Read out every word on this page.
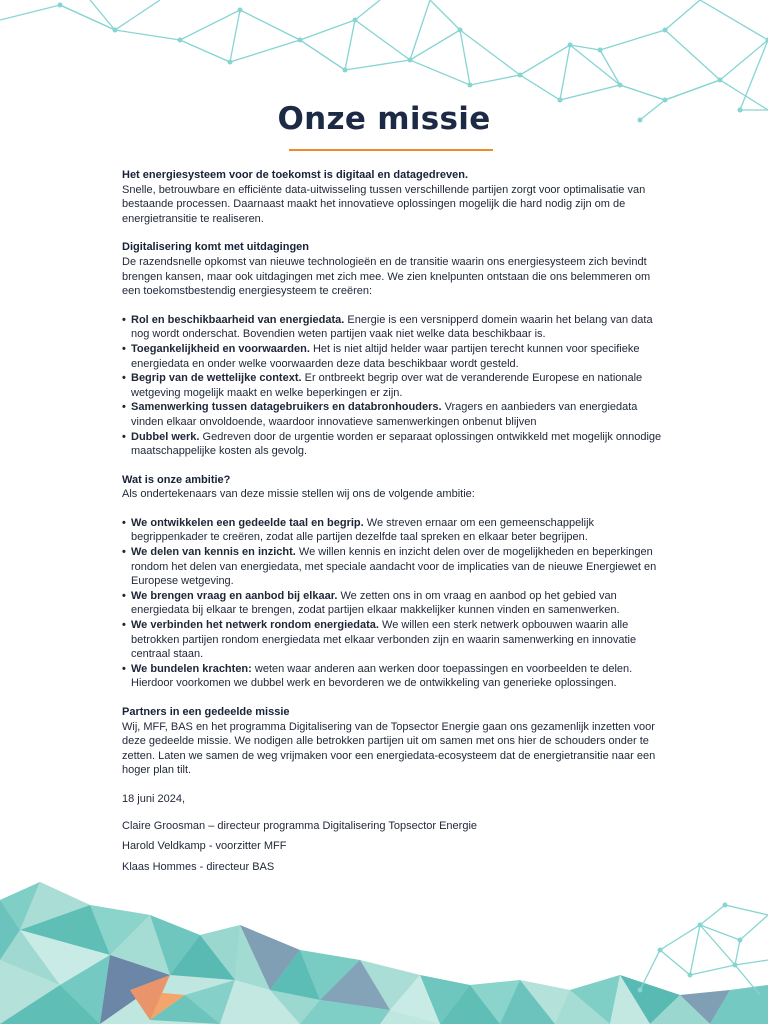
Onze missie
Het energiesysteem voor de toekomst is digitaal en datagedreven.

Snelle, betrouwbare en efficiënte data-uitwisseling tussen verschillende partijen zorgt voor optimalisatie van bestaande processen. Daarnaast maakt het innovatieve oplossingen mogelijk die hard nodig zijn om de energietransitie te realiseren.

Digitalisering komt met uitdagingen

De razendsnelle opkomst van nieuwe technologieën en de transitie waarin ons energiesysteem zich bevindt brengen kansen, maar ook uitdagingen met zich mee. We zien knelpunten ontstaan die ons belemmeren om een toekomstbestendig energiesysteem te creëren:

• Rol en beschikbaarheid van energiedata. Energie is een versnipperd domein waarin het belang van data nog wordt onderschat. Bovendien weten partijen vaak niet welke data beschikbaar is.
• Toegankelijkheid en voorwaarden. Het is niet altijd helder waar partijen terecht kunnen voor specifieke energiedata en onder welke voorwaarden deze data beschikbaar wordt gesteld.
• Begrip van de wettelijke context. Er ontbreekt begrip over wat de veranderende Europese en nationale wetgeving mogelijk maakt en welke beperkingen er zijn.
• Samenwerking tussen datagebruikers en databronhouders. Vragers en aanbieders van energiedata vinden elkaar onvoldoende, waardoor innovatieve samenwerkingen onbenut blijven
• Dubbel werk. Gedreven door de urgentie worden er separaat oplossingen ontwikkeld met mogelijk onnodige maatschappelijke kosten als gevolg.
Wat is onze ambitie?

Als ondertekenaars van deze missie stellen wij ons de volgende ambitie:

• We ontwikkelen een gedeelde taal en begrip. We streven ernaar om een gemeenschappelijk begrippenkader te creëren, zodat alle partijen dezelfde taal spreken en elkaar beter begrijpen.
• We delen van kennis en inzicht. We willen kennis en inzicht delen over de mogelijkheden en beperkingen rondom het delen van energiedata, met speciale aandacht voor de implicaties van de nieuwe Energiewet en Europese wetgeving.
• We brengen vraag en aanbod bij elkaar. We zetten ons in om vraag en aanbod op het gebied van energiedata bij elkaar te brengen, zodat partijen elkaar makkelijker kunnen vinden en samenwerken.
• We verbinden het netwerk rondom energiedata. We willen een sterk netwerk opbouwen waarin alle betrokken partijen rondom energiedata met elkaar verbonden zijn en waarin samenwerking en innovatie centraal staan.
• We bundelen krachten: weten waar anderen aan werken door toepassingen en voorbeelden te delen. Hierdoor voorkomen we dubbel werk en bevorderen we de ontwikkeling van generieke oplossingen.
Partners in een gedeelde missie

Wij, MFF, BAS en het programma Digitalisering van de Topsector Energie gaan ons gezamenlijk inzetten voor deze gedeelde missie. We nodigen alle betrokken partijen uit om samen met ons hier de schouders onder te zetten. Laten we samen de weg vrijmaken voor een energiedata-ecosysteem dat de energietransitie naar een hoger plan tilt.

18 juni 2024,

Claire Groosman – directeur programma Digitalisering Topsector Energie

Harold Veldkamp - voorzitter MFF

Klaas Hommes - directeur BAS
